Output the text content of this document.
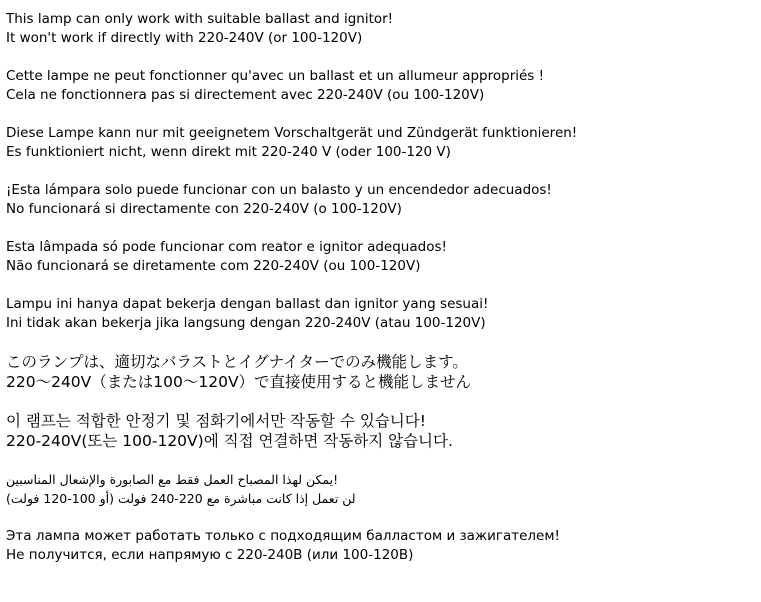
This lamp can only work with suitable ballast and ignitor!
It won't work if directly with 220-240V (or 100-120V)
Cette lampe ne peut fonctionner qu'avec un ballast et un allumeur appropriés !
Cela ne fonctionnera pas si directement avec 220-240V (ou 100-120V)
Diese Lampe kann nur mit geeignetem Vorschaltgerät und Zündgerät funktionieren!
Es funktioniert nicht, wenn direkt mit 220-240 V (oder 100-120 V)
¡Esta lámpara solo puede funcionar con un balasto y un encendedor adecuados!
No funcionará si directamente con 220-240V (o 100-120V)
Esta lâmpada só pode funcionar com reator e ignitor adequados!
Não funcionará se diretamente com 220-240V (ou 100-120V)
Lampu ini hanya dapat bekerja dengan ballast dan ignitor yang sesuai!
Ini tidak akan bekerja jika langsung dengan 220-240V (atau 100-120V)
このランプは、適切なバラストとイグナイターでのみ機能します。
220〜240V（または100〜120V）で直接使用すると機能しません
이 램프는 적합한 안정기 및 점화기에서만 작동할 수 있습니다!
220-240V(또는 100-120V)에 직접 연결하면 작동하지 않습니다.
!يمكن لهذا المصباح العمل فقط مع الصابورة والإشعال المناسبين
لن تعمل إذا كانت مباشرة مع 220-240 فولت (أو 100-120 فولت)
Эта лампа может работать только с подходящим балластом и зажигателем!
Не получится, если напрямую с 220-240В (или 100-120В)
